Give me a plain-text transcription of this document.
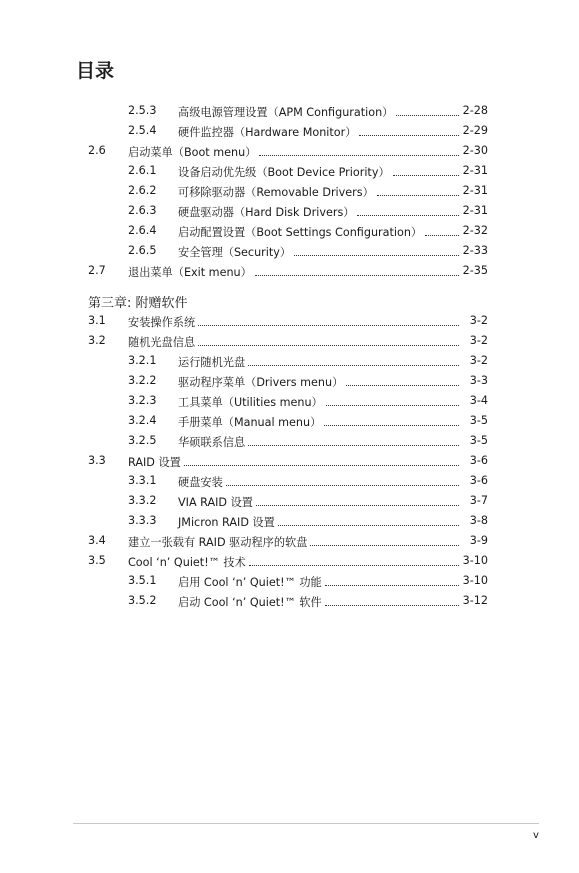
目录
2.5.3 高级电源管理设置（APM Configuration）	2-28
2.5.4 硬件监控器（Hardware Monitor）	2-29
2.6 启动菜单（Boot menu）	2-30
2.6.1 设备启动优先级（Boot Device Priority）	2-31
2.6.2 可移除驱动器（Removable Drivers）	2-31
2.6.3 硬盘驱动器（Hard Disk Drivers）	2-31
2.6.4 启动配置设置（Boot Settings Configuration）	2-32
2.6.5 安全管理（Security）	2-33
2.7 退出菜单（Exit menu）	2-35
3.1 安装操作系统	3-2
3.2 随机光盘信息	3-2
3.2.1 运行随机光盘	3-2
3.2.2 驱动程序菜单（Drivers menu）	3-3
3.2.3 工具菜单（Utilities menu）	3-4
3.2.4 手册菜单（Manual menu）	3-5
3.2.5 华硕联系信息	3-5
3.3 RAID 设置	3-6
3.3.1 硬盘安装	3-6
3.3.2 VIA RAID 设置	3-7
3.3.3 JMicron RAID 设置	3-8
3.4 建立一张载有 RAID 驱动程序的软盘	3-9
3.5 Cool ‘n’ Quiet!™ 技术	3-10
3.5.1 启用 Cool ‘n’ Quiet!™ 功能	3-10
3.5.2 启动 Cool ‘n’ Quiet!™ 软件	3-12
第三章: 附赠软件
v
